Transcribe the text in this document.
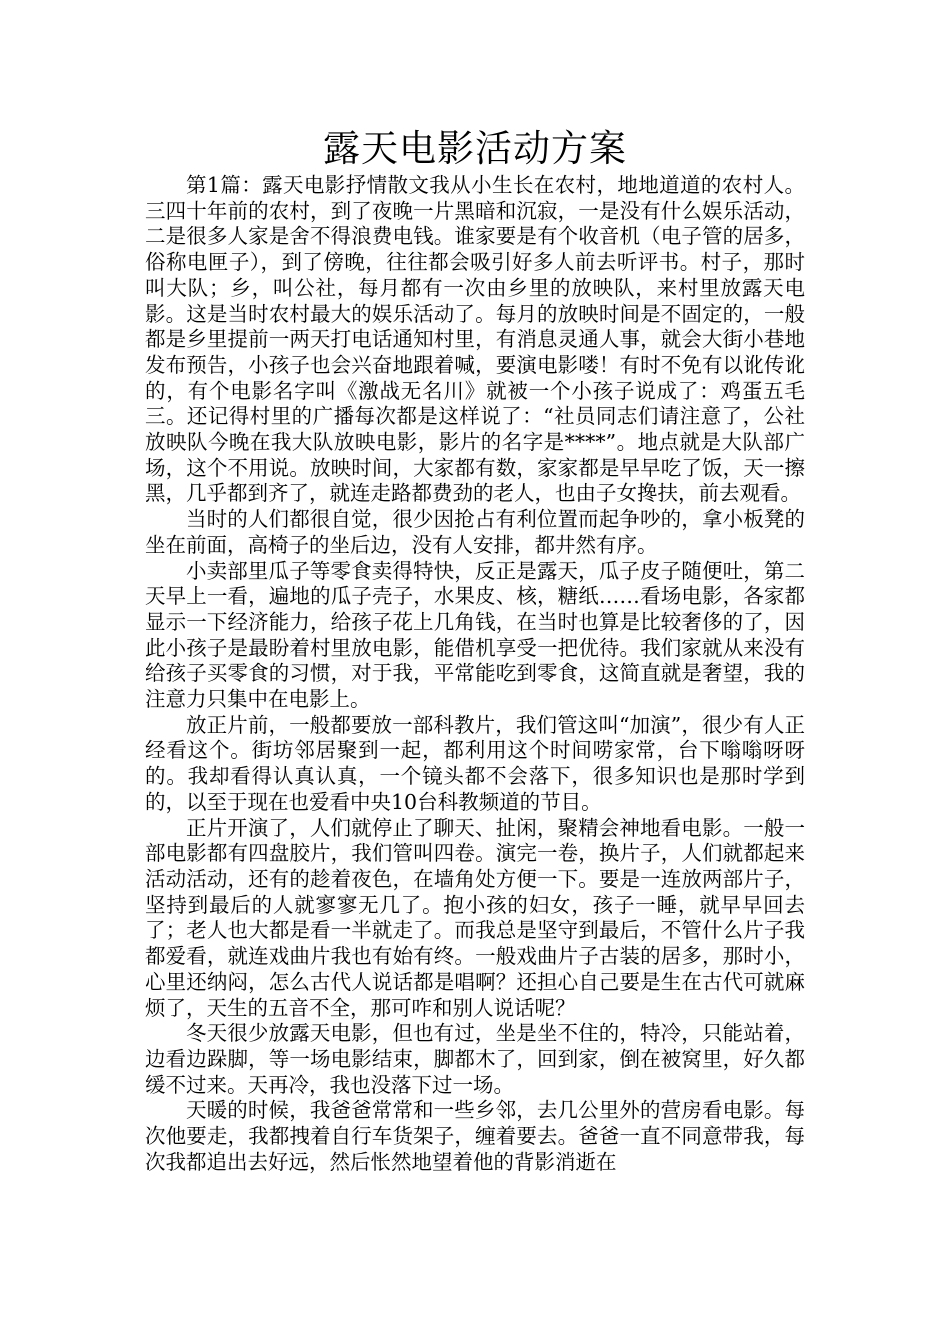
露天电影活动方案

第1篇：露天电影抒情散文我从小生长在农村，地地道道的农村人。三四十年前的农村，到了夜晚一片黑暗和沉寂，一是没有什么娱乐活动，二是很多人家是舍不得浪费电钱。谁家要是有个收音机（电子管的居多，俗称电匣子），到了傍晚，往往都会吸引好多人前去听评书。村子，那时叫大队；乡，叫公社，每月都有一次由乡里的放映队，来村里放露天电影。这是当时农村最大的娱乐活动了。每月的放映时间是不固定的，一般都是乡里提前一两天打电话通知村里，有消息灵通人事，就会大街小巷地发布预告，小孩子也会兴奋地跟着喊，要演电影喽！有时不免有以讹传讹的，有个电影名字叫《激战无名川》就被一个小孩子说成了：鸡蛋五毛三。还记得村里的广播每次都是这样说了：“社员同志们请注意了，公社放映队今晚在我大队放映电影，影片的名字是****”。地点就是大队部广场，这个不用说。放映时间，大家都有数，家家都是早早吃了饭，天一擦黑，几乎都到齐了，就连走路都费劲的老人，也由子女搀扶，前去观看。

当时的人们都很自觉，很少因抢占有利位置而起争吵的，拿小板凳的坐在前面，高椅子的坐后边，没有人安排，都井然有序。

小卖部里瓜子等零食卖得特快，反正是露天，瓜子皮子随便吐，第二天早上一看，遍地的瓜子壳子，水果皮、核，糖纸……看场电影，各家都显示一下经济能力，给孩子花上几角钱，在当时也算是比较奢侈的了，因此小孩子是最盼着村里放电影，能借机享受一把优待。我们家就从来没有给孩子买零食的习惯，对于我，平常能吃到零食，这简直就是奢望，我的注意力只集中在电影上。

放正片前，一般都要放一部科教片，我们管这叫“加演”，很少有人正经看这个。街坊邻居聚到一起，都利用这个时间唠家常，台下嗡嗡呀呀的。我却看得认真认真，一个镜头都不会落下，很多知识也是那时学到的，以至于现在也爱看中央10台科教频道的节目。

正片开演了，人们就停止了聊天、扯闲，聚精会神地看电影。一般一部电影都有四盘胶片，我们管叫四卷。演完一卷，换片子，人们就都起来活动活动，还有的趁着夜色，在墙角处方便一下。要是一连放两部片子，坚持到最后的人就寥寥无几了。抱小孩的妇女，孩子一睡，就早早回去了；老人也大都是看一半就走了。而我总是坚守到最后，不管什么片子我都爱看，就连戏曲片我也有始有终。一般戏曲片子古装的居多，那时小，心里还纳闷，怎么古代人说话都是唱啊？还担心自己要是生在古代可就麻烦了，天生的五音不全，那可咋和别人说话呢？

冬天很少放露天电影，但也有过，坐是坐不住的，特冷，只能站着，边看边跺脚，等一场电影结束，脚都木了，回到家，倒在被窝里，好久都缓不过来。天再冷，我也没落下过一场。

天暖的时候，我爸爸常常和一些乡邻，去几公里外的营房看电影。每次他要走，我都拽着自行车货架子，缠着要去。爸爸一直不同意带我，每次我都追出去好远，然后怅然地望着他的背影消逝在
